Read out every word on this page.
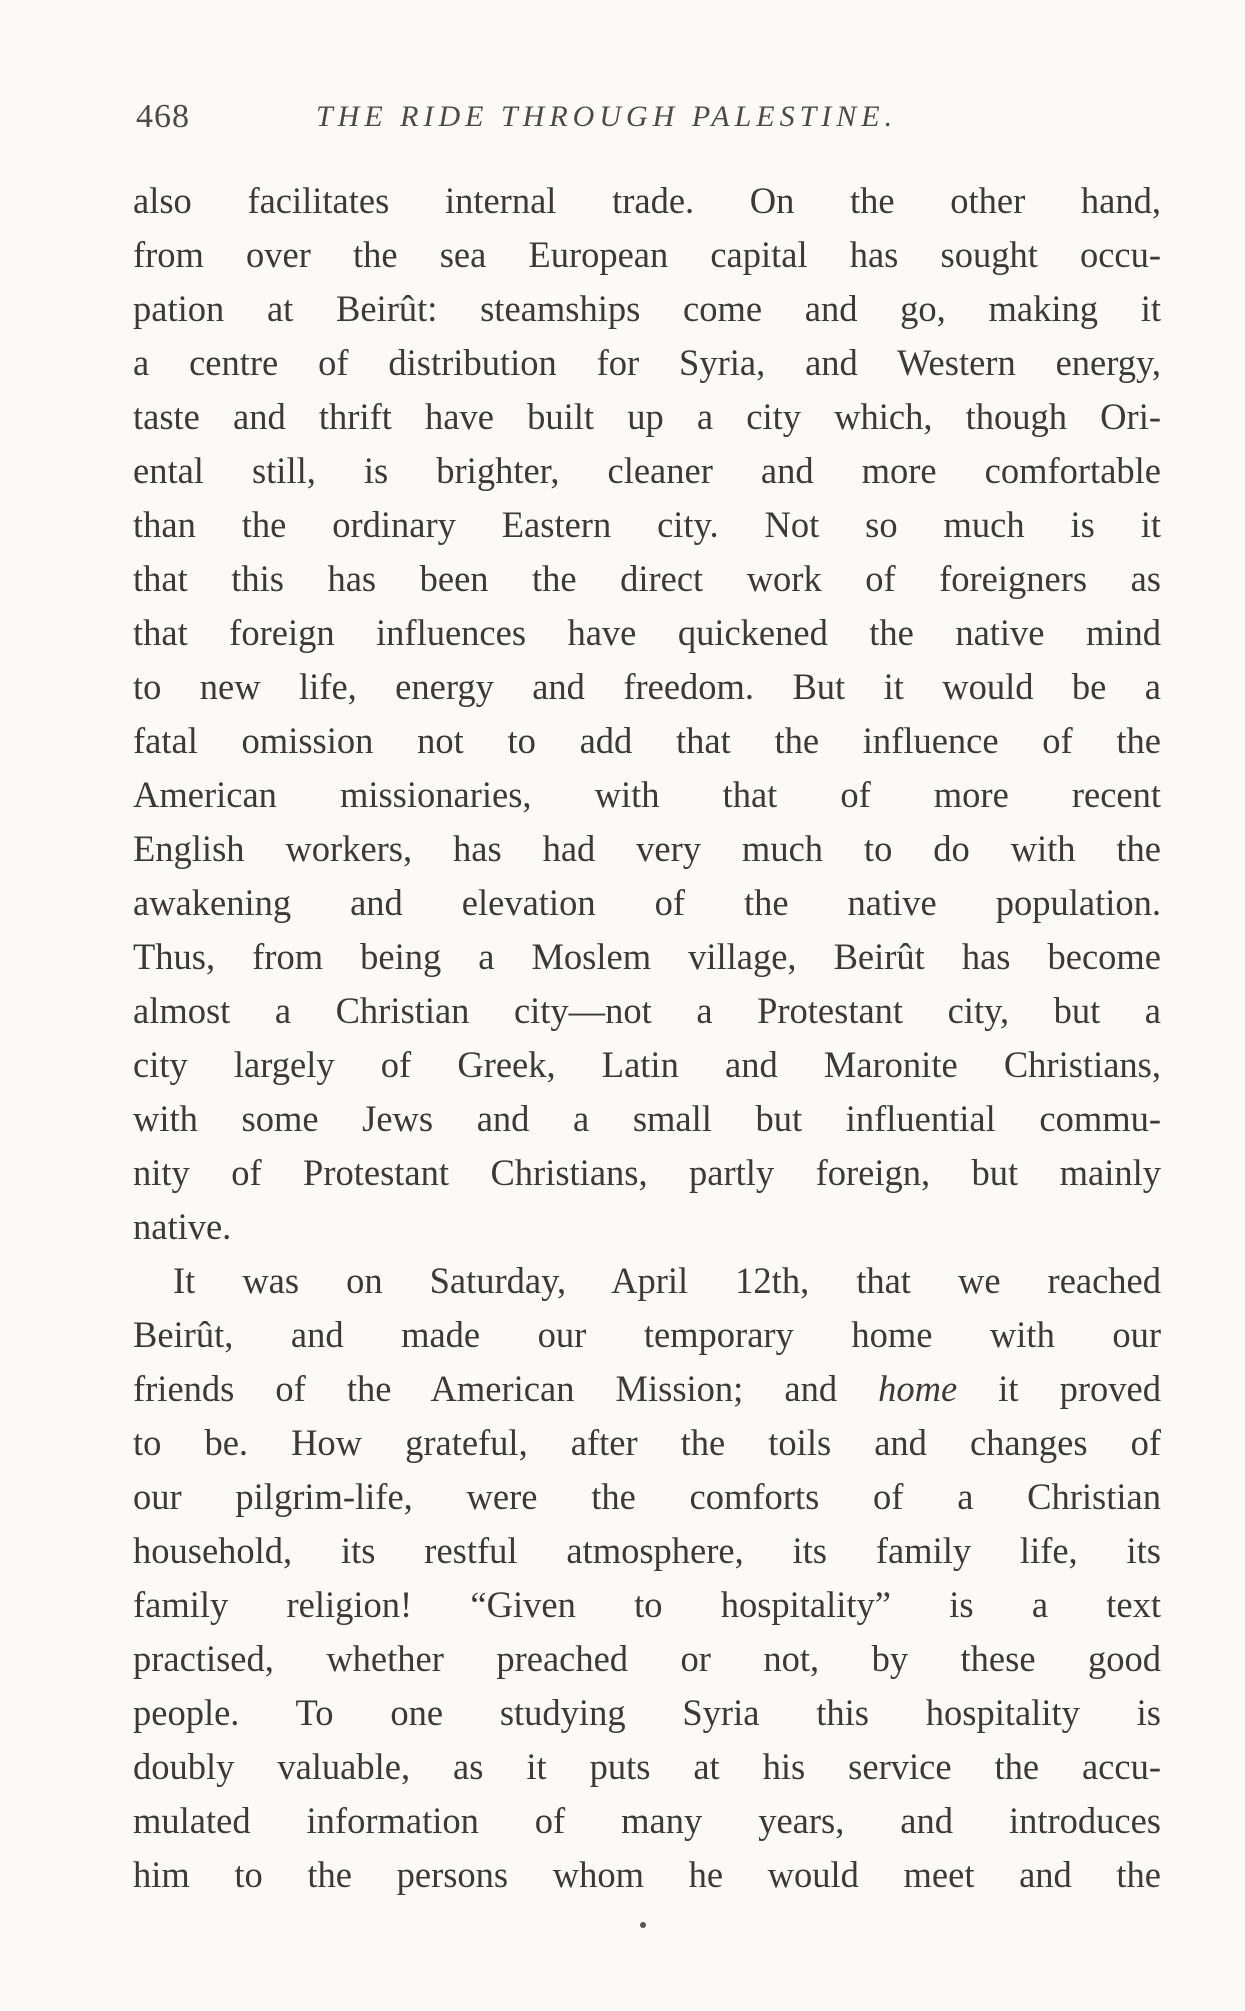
468	THE RIDE THROUGH PALESTINE.
also facilitates internal trade. On the other hand,
from over the sea European capital has sought occu-
pation at Beirût: steamships come and go, making it
a centre of distribution for Syria, and Western energy,
taste and thrift have built up a city which, though Ori-
ental still, is brighter, cleaner and more comfortable
than the ordinary Eastern city. Not so much is it
that this has been the direct work of foreigners as
that foreign influences have quickened the native mind
to new life, energy and freedom. But it would be a
fatal omission not to add that the influence of the
American missionaries, with that of more recent
English workers, has had very much to do with the
awakening and elevation of the native population.
Thus, from being a Moslem village, Beirût has become
almost a Christian city—not a Protestant city, but a
city largely of Greek, Latin and Maronite Christians,
with some Jews and a small but influential commu-
nity of Protestant Christians, partly foreign, but mainly
native.
It was on Saturday, April 12th, that we reached
Beirût, and made our temporary home with our
friends of the American Mission; and home it proved
to be. How grateful, after the toils and changes of
our pilgrim-life, were the comforts of a Christian
household, its restful atmosphere, its family life, its
family religion! “Given to hospitality” is a text
practised, whether preached or not, by these good
people. To one studying Syria this hospitality is
doubly valuable, as it puts at his service the accu-
mulated information of many years, and introduces
him to the persons whom he would meet and the
